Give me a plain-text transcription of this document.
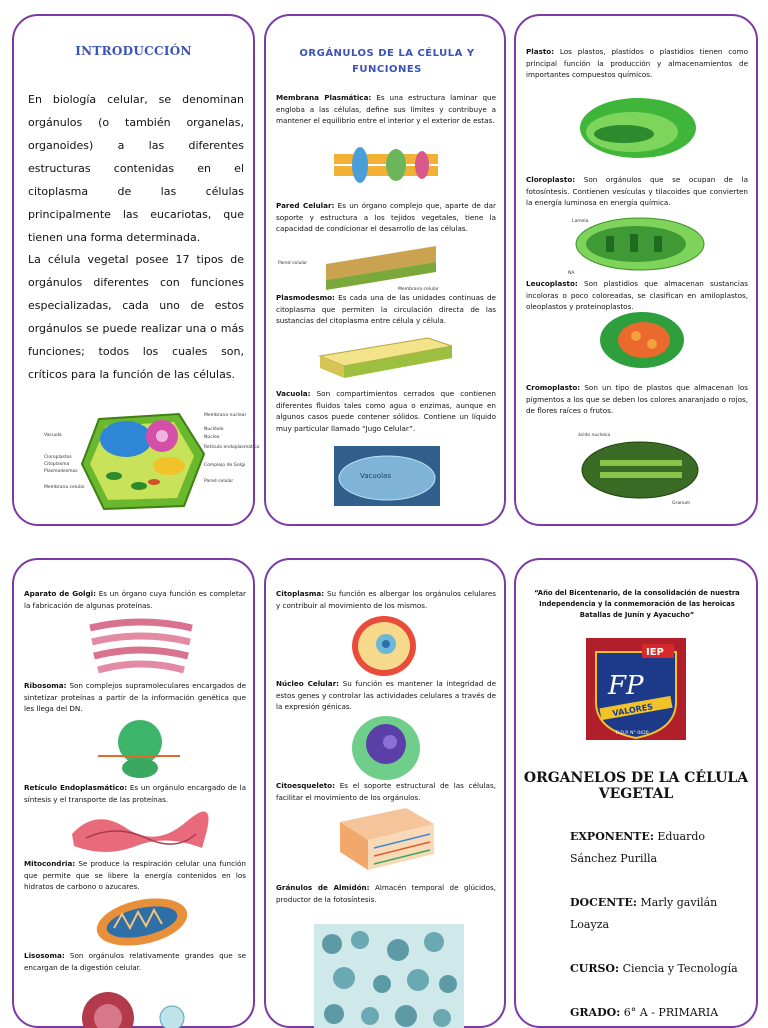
INTRODUCCIÓN
En biología celular, se denominan orgánulos (o también organelas, organoides) a las diferentes estructuras contenidas en el citoplasma de las células principalmente las eucariotas, que tienen una forma determinada.
La célula vegetal posee 17 tipos de orgánulos diferentes con funciones especializadas, cada uno de estos orgánulos se puede realizar una o más funciones; todos los cuales son, críticos para la función de las células.
Vacuola
Cloroplastos
Citoplasma
Plasmodesmos
Membrana celular
Membrana nuclear
Nucléolo
Núcleo
Retículo endoplasmático
Complejo de Golgi
Pared celular
ORGÁNULOS DE LA CÉLULA Y FUNCIONES
Membrana Plasmática: Es una estructura laminar que engloba a las células, define sus límites y contribuye a mantener el equilibrio entre el interior y el exterior de estas.
Pared Celular: Es un órgano complejo que, aparte de dar soporte y estructura a los tejidos vegetales, tiene la capacidad de condicionar el desarrollo de las células.
Pared celular
Membrana celular
Plasmodesmo: Es cada una de las unidades continuas de citoplasma que permiten la circulación directa de las sustancias del citoplasma entre célula y célula.
Vacuola: Son compartimientos cerrados que contienen diferentes fluidos tales como agua o enzimas, aunque en algunos casos puede contener sólidos. Contiene un líquido muy particular llamado “Jugo Celular”.
Vacuolas
Plasto: Los plastos, plastidos o plastidios tienen como principal función la producción y almacenamientos de importantes compuestos químicos.
Cloroplasto: Son orgánulos que se ocupan de la fotosíntesis. Contienen vesículas y tilacoides que convierten la energía luminosa en energía química.
Lamela
NA
Leucoplasto: Son plastidios que almacenan sustancias incoloras o poco coloreadas, se clasifican en amiloplastos, oleoplastos y proteinoplastos.
Cromoplasto: Son un tipo de plastos que almacenan los pigmentos a los que se deben los colores anaranjado o rojos, de flores raíces o frutos.
ácido nucleico
Granum
Aparato de Golgi: Es un órgano cuya función es completar la fabricación de algunas proteínas.
Ribosoma: Son complejos supramoleculares encargados de sintetizar proteínas a partir de la información genética que les llega del DN.
Retículo Endoplasmático: Es un orgánulo encargado de la síntesis y el transporte de las proteínas.
Mitocondria: Se produce la respiración celular una función que permite que se libere la energía contenidos en los hidratos de carbono o azucares.
Lisosoma: Son orgánulos relativamente grandes que se encargan de la digestión celular.
Citoplasma: Su función es albergar los orgánulos celulares y contribuir al movimiento de los mismos.
Núcleo Celular: Su función es mantener la integridad de estos genes y controlar las actividades celulares a través de la expresión génicas.
Citoesqueleto: Es el soporte estructural de las células, facilitar el movimiento de los orgánulos.
Gránulos de Almidón: Almacén temporal de glúcidos, productor de la fotosíntesis.
“Año del Bicentenario, de la consolidación de nuestra Independencia y la conmemoración de las heroicas Batallas de Junín y Ayacucho”
IEP
FP
VALORES
R.D.P. N° 0420
ORGANELOS DE LA CÉLULA VEGETAL
EXPONENTE: Eduardo Sánchez Purilla
DOCENTE: Marly gavilán Loayza
CURSO: Ciencia y Tecnología
GRADO: 6° A - PRIMARIA
